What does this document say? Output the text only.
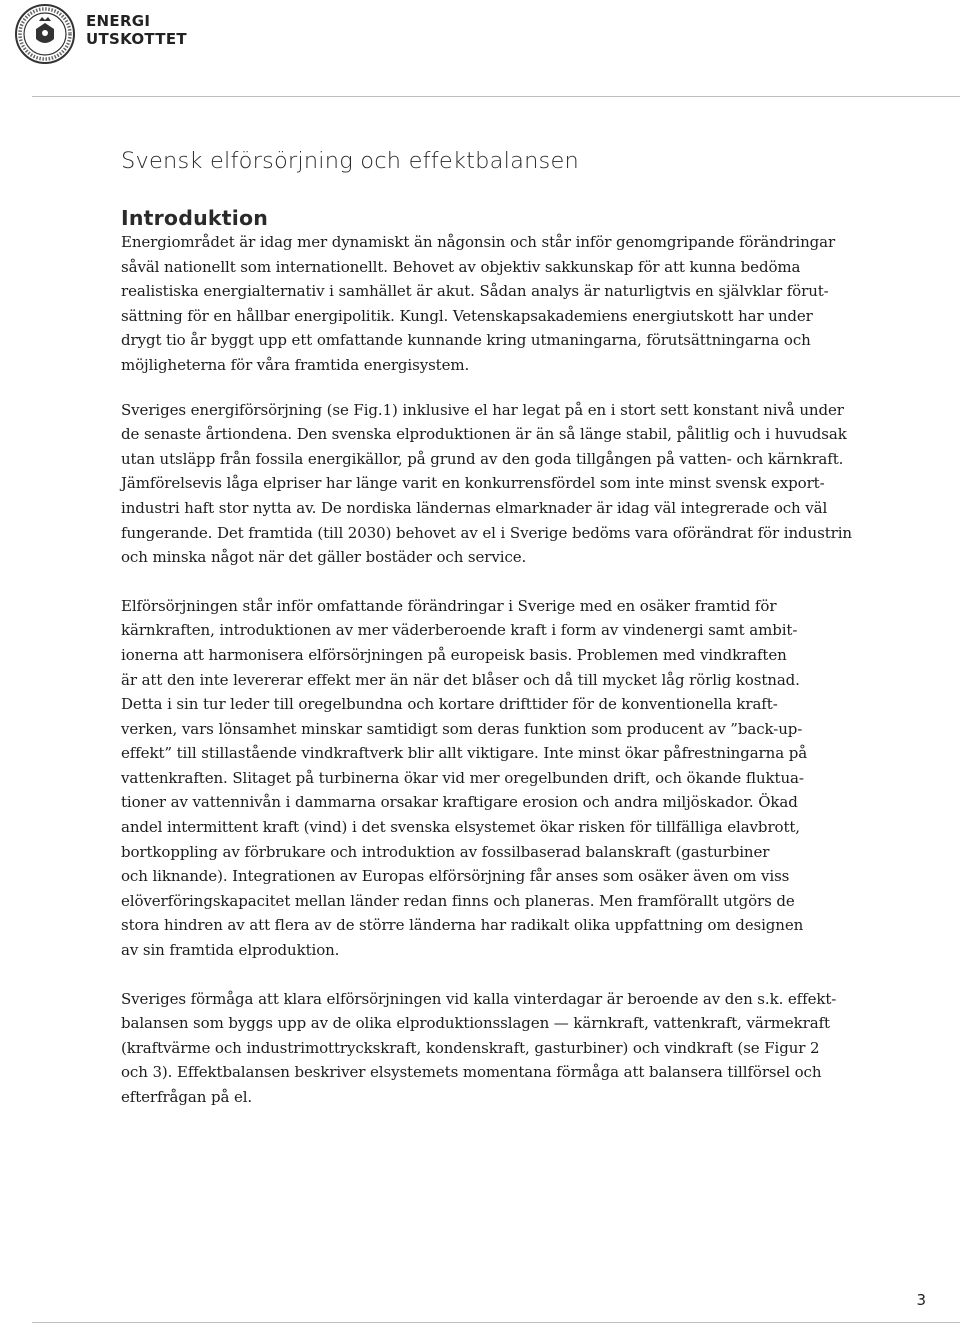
ENERGI
UTSKOTTET
Svensk elförsörjning och effektbalansen
Introduktion

Energiområdet är idag mer dynamiskt än någonsin och står inför genomgripande förändringar
såväl nationellt som internationellt. Behovet av objektiv sakkunskap för att kunna bedöma
realistiska energialternativ i samhället är akut. Sådan analys är naturligtvis en självklar förut-
sättning för en hållbar energipolitik. Kungl. Vetenskapsakademiens energiutskott har under
drygt tio år byggt upp ett omfattande kunnande kring utmaningarna, förutsättningarna och
möjligheterna för våra framtida energisystem.

Sveriges energiförsörjning (se Fig.1) inklusive el har legat på en i stort sett konstant nivå under
de senaste årtiondena. Den svenska elproduktionen är än så länge stabil, pålitlig och i huvudsak
utan utsläpp från fossila energikällor, på grund av den goda tillgången på vatten- och kärnkraft.
Jämförelsevis låga elpriser har länge varit en konkurrensfördel som inte minst svensk export-
industri haft stor nytta av. De nordiska ländernas elmarknader är idag väl integrerade och väl
fungerande. Det framtida (till 2030) behovet av el i Sverige bedöms vara oförändrat för industrin
och minska något när det gäller bostäder och service.

Elförsörjningen står inför omfattande förändringar i Sverige med en osäker framtid för
kärnkraften, introduktionen av mer väderberoende kraft i form av vindenergi samt ambit-
ionerna att harmonisera elförsörjningen på europeisk basis. Problemen med vindkraften
är att den inte levererar effekt mer än när det blåser och då till mycket låg rörlig kostnad.
Detta i sin tur leder till oregelbundna och kortare drifttider för de konventionella kraft-
verken, vars lönsamhet minskar samtidigt som deras funktion som producent av ”back-up-
effekt” till stillastående vindkraftverk blir allt viktigare. Inte minst ökar påfrestningarna på
vattenkraften. Slitaget på turbinerna ökar vid mer oregelbunden drift, och ökande fluktua-
tioner av vattennivån i dammarna orsakar kraftigare erosion och andra miljöskador. Ökad
andel intermittent kraft (vind) i det svenska elsystemet ökar risken för tillfälliga elavbrott,
bortkoppling av förbrukare och introduktion av fossilbaserad balanskraft (gasturbiner
och liknande). Integrationen av Europas elförsörjning får anses som osäker även om viss
elöverföringskapacitet mellan länder redan finns och planeras. Men framförallt utgörs de
stora hindren av att flera av de större länderna har radikalt olika uppfattning om designen
av sin framtida elproduktion.

Sveriges förmåga att klara elförsörjningen vid kalla vinterdagar är beroende av den s.k. effekt-
balansen som byggs upp av de olika elproduktionsslagen — kärnkraft, vattenkraft, värmekraft
(kraftvärme och industrimottryckskraft, kondenskraft, gasturbiner) och vindkraft (se Figur 2
och 3). Effektbalansen beskriver elsystemets momentana förmåga att balansera tillförsel och
efterfrågan på el.

3
